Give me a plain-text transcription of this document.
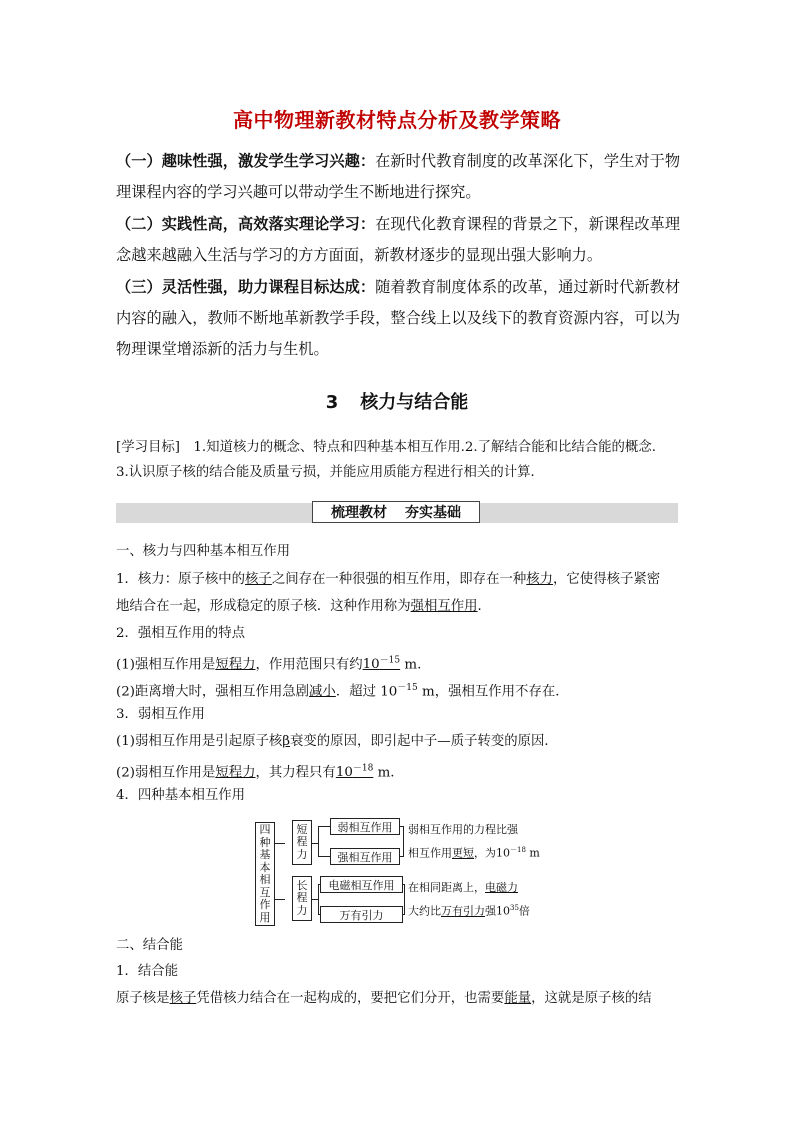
高中物理新教材特点分析及教学策略

（一）趣味性强，激发学生学习兴趣：在新时代教育制度的改革深化下，学生对于物理课程内容的学习兴趣可以带动学生不断地进行探究。

（二）实践性高，高效落实理论学习：在现代化教育课程的背景之下，新课程改革理念越来越融入生活与学习的方方面面，新教材逐步的显现出强大影响力。

（三）灵活性强，助力课程目标达成：随着教育制度体系的改革，通过新时代新教材内容的融入，教师不断地革新教学手段，整合线上以及线下的教育资源内容，可以为物理课堂增添新的活力与生机。

3 核力与结合能
[学习目标]　 1.知道核力的概念、特点和四种基本相互作用.2.了解结合能和比结合能的概念.
3.认识原子核的结合能及质量亏损，并能应用质能方程进行相关的计算．
梳理教材 夯实基础
一、核力与四种基本相互作用
1．核力：原子核中的核子之间存在一种很强的相互作用，即存在一种核力，它使得核子紧密
地结合在一起，形成稳定的原子核．这种作用称为强相互作用．
2．强相互作用的特点
(1)强相互作用是短程力，作用范围只有约$10^{-15}$ m.
(2)距离增大时，强相互作用急剧减小．超过 $10^{-15}$ m，强相互作用不存在．
3．弱相互作用
(1)弱相互作用是引起原子核β衰变的原因，即引起中子—质子转变的原因．
(2)弱相互作用是短程力，其力程只有$10^{-18}$ m.
4．四种基本相互作用
四
种
基
本
相
互
作
用
短
程
力
长
程
力
弱相互作用
强相互作用
电磁相互作用
万有引力
弱相互作用的力程比强
相互作用更短，为$10^{-18}$ m
在相同距离上，电磁力
大约比万有引力强$10^{35}$倍
二、结合能
1．结合能
原子核是核子凭借核力结合在一起构成的，要把它们分开，也需要能量，这就是原子核的结
